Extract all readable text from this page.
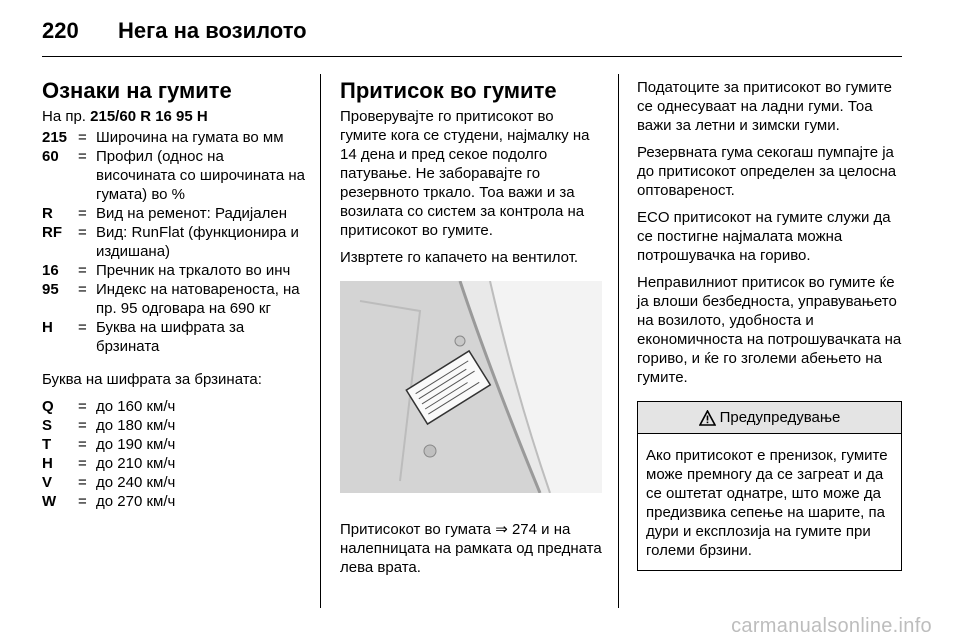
220	Нега на возилото
Ознаки на гумите
На пр. 215/60 R 16 95 H
215 = Широчина на гумата во мм
60	= Профил (однос на височината со широчината на гумата) во %
R	= Вид на ременот: Радијален
RF	= Вид: RunFlat (функционира и издишана)
16	= Пречник на тркалото во инч
95	= Индекс на натовареноста, на пр. 95 одговара на 690 кг
H	= Буква на шифрата за брзината

Буква на шифрата за брзината:

Q	= до 160 км/ч
S	= до 180 км/ч
T	= до 190 км/ч
H	= до 210 км/ч
V	= до 240 км/ч
W	= до 270 км/ч
Притисок во гумите

Проверувајте го притисокот во гумите кога се студени, најмалку на 14 дена и пред секое подолго патување. Не заборавајте го резервното тркало. Тоа важи и за возилата со систем за контрола на притисокот во гумите.

Извртете го капачето на вентилот.

Притисокот во гумата ⇒ 274 и на налепницата на рамката од предната лева врата.

Податоците за притисокот во гумите се однесуваат на ладни гуми. Тоа важи за летни и зимски гуми.

Резервната гума секогаш пумпајте ја до притисокот определен за целосна оптовареност.

ECO притисокот на гумите служи да се постигне најмалата можна потрошувачка на гориво.

Неправилниот притисок во гумите ќе ја влоши безбедноста, управувањето на возилото, удобноста и економичноста на потрошувачката на гориво, и ќе го зголеми абењето на гумите.

Предупредување
Ако притисокот е пренизок, гумите може премногу да се загреат и да се оштетат однатре, што може да предизвика сепење на шарите, па дури и експлозија на гумите при големи брзини.
carmanualsonline.info
